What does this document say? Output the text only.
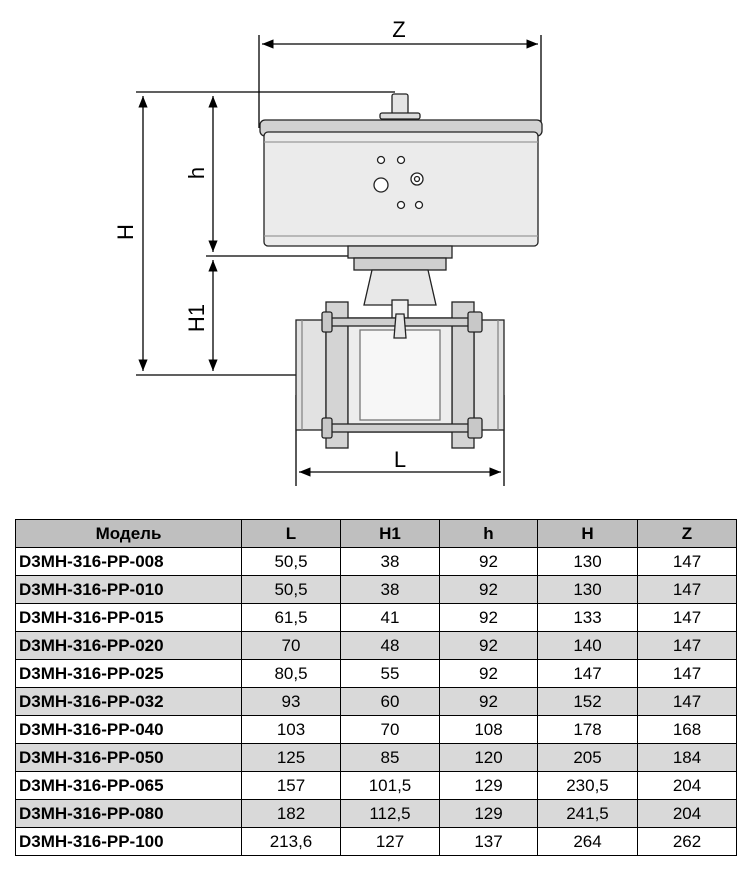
Z
H
h
H1
L
Модель	L	H1	h	H	Z
D3MH-316-PP-008	50,5	38	92	130	147
D3MH-316-PP-010	50,5	38	92	130	147
D3MH-316-PP-015	61,5	41	92	133	147
D3MH-316-PP-020	70	48	92	140	147
D3MH-316-PP-025	80,5	55	92	147	147
D3MH-316-PP-032	93	60	92	152	147
D3MH-316-PP-040	103	70	108	178	168
D3MH-316-PP-050	125	85	120	205	184
D3MH-316-PP-065	157	101,5	129	230,5	204
D3MH-316-PP-080	182	112,5	129	241,5	204
D3MH-316-PP-100	213,6	127	137	264	262
